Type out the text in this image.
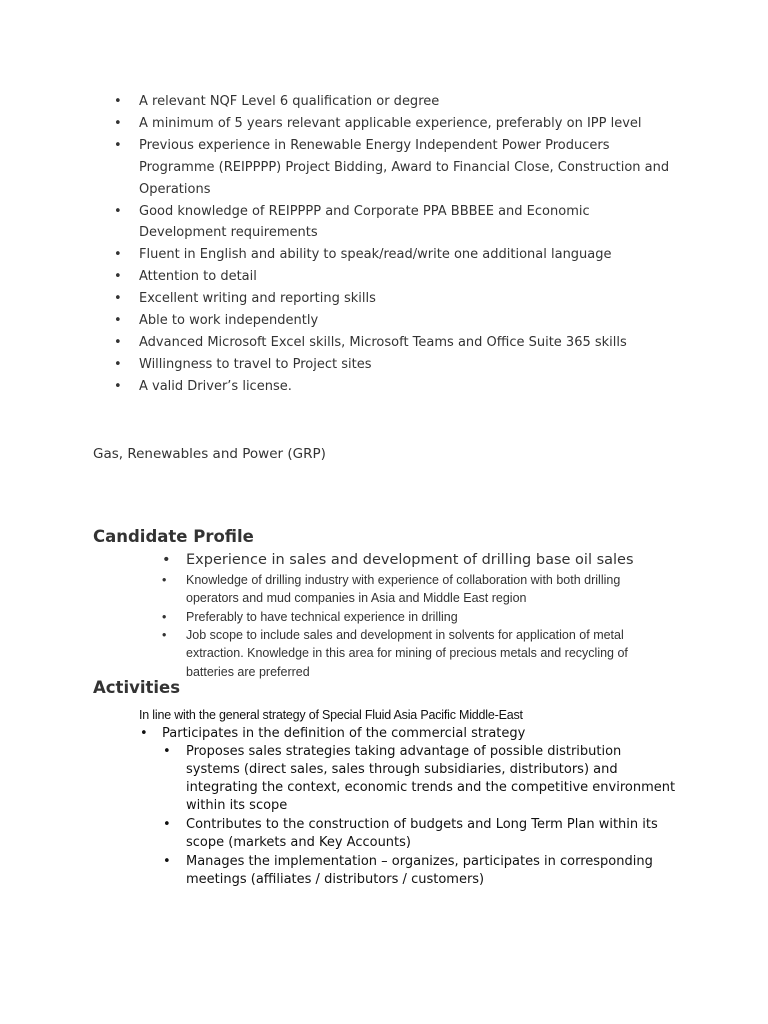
• A relevant NQF Level 6 qualification or degree
• A minimum of 5 years relevant applicable experience, preferably on IPP level
• Previous experience in Renewable Energy Independent Power Producers Programme (REIPPPP) Project Bidding, Award to Financial Close, Construction and Operations
• Good knowledge of REIPPPP and Corporate PPA BBBEE and Economic Development requirements
• Fluent in English and ability to speak/read/write one additional language
• Attention to detail
• Excellent writing and reporting skills
• Able to work independently
• Advanced Microsoft Excel skills, Microsoft Teams and Office Suite 365 skills
• Willingness to travel to Project sites
• A valid Driver’s license.

Gas, Renewables and Power (GRP)

Candidate Profile
• Experience in sales and development of drilling base oil sales
• Knowledge of drilling industry with experience of collaboration with both drilling operators and mud companies in Asia and Middle East region
• Preferably to have technical experience in drilling
• Job scope to include sales and development in solvents for application of metal extraction. Knowledge in this area for mining of precious metals and recycling of batteries are preferred
Activities

In line with the general strategy of Special Fluid Asia Pacific Middle-East

• Participates in the definition of the commercial strategy
• Proposes sales strategies taking advantage of possible distribution systems (direct sales, sales through subsidiaries, distributors) and integrating the context, economic trends and the competitive environment within its scope
• Contributes to the construction of budgets and Long Term Plan within its scope (markets and Key Accounts)
• Manages the implementation – organizes, participates in corresponding meetings (affiliates / distributors / customers)
